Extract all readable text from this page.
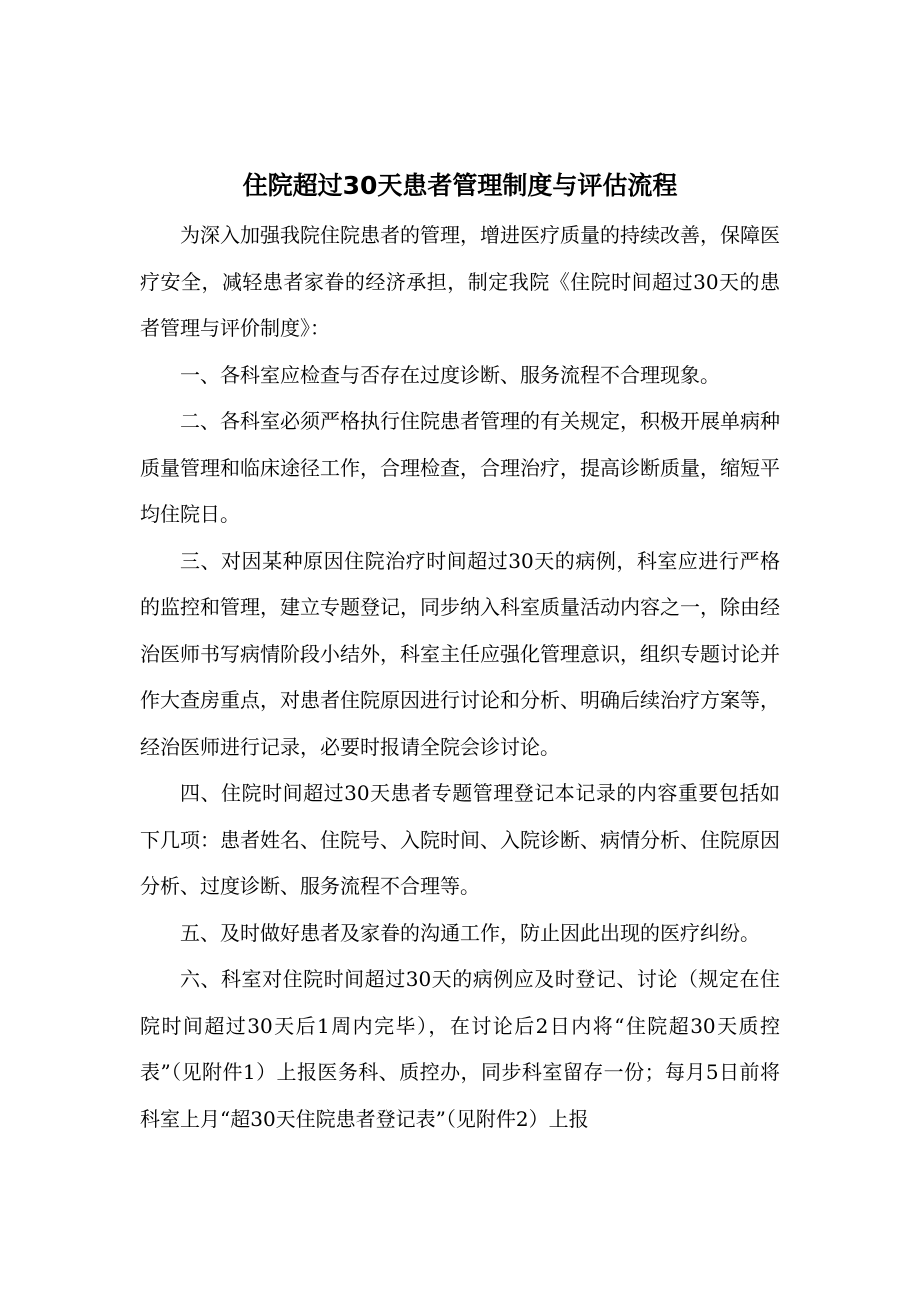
住院超过30天患者管理制度与评估流程

为深入加强我院住院患者的管理，增进医疗质量的持续改善，保障医疗安全，减轻患者家眷的经济承担，制定我院《住院时间超过30天的患者管理与评价制度》：

一、各科室应检查与否存在过度诊断、服务流程不合理现象。

二、各科室必须严格执行住院患者管理的有关规定，积极开展单病种质量管理和临床途径工作，合理检查，合理治疗，提高诊断质量，缩短平均住院日。

三、对因某种原因住院治疗时间超过30天的病例，科室应进行严格的监控和管理，建立专题登记，同步纳入科室质量活动内容之一，除由经治医师书写病情阶段小结外，科室主任应强化管理意识，组织专题讨论并作大查房重点，对患者住院原因进行讨论和分析、明确后续治疗方案等，经治医师进行记录，必要时报请全院会诊讨论。

四、住院时间超过30天患者专题管理登记本记录的内容重要包括如下几项：患者姓名、住院号、入院时间、入院诊断、病情分析、住院原因分析、过度诊断、服务流程不合理等。

五、及时做好患者及家眷的沟通工作，防止因此出现的医疗纠纷。

六、科室对住院时间超过30天的病例应及时登记、讨论（规定在住院时间超过30天后1周内完毕），在讨论后2日内将“住院超30天质控表”（见附件1）上报医务科、质控办，同步科室留存一份；每月5日前将科室上月“超30天住院患者登记表”（见附件2）上报
